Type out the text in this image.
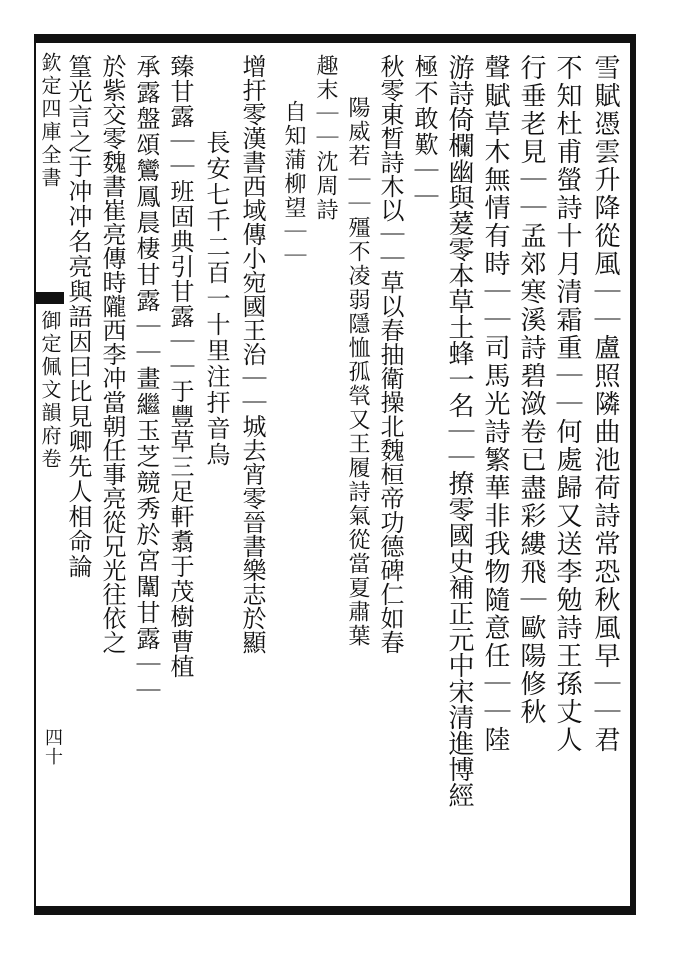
欽定四庫全書
御定佩文韻府卷
四十	雪賦憑雲升降從風｜｜盧照隣曲池荷詩常恐秋風早｜｜君
不知杜甫螢詩十月清霜重｜｜何處歸又送李勉詩王孫丈人
行垂老見｜｜孟郊寒溪詩碧潋卷已盡彩縷飛｜歐陽修秋
聲賦草木無情有時｜｜司馬光詩繁華非我物隨意任｜｜陸
游詩倚欄幽與萲零本草土蜂一名｜｜撩零國史補正元中宋清進博經
極不敢歎｜｜
秋零東晳詩木以｜｜草以春抽衛操北魏桓帝功德碑仁如春
陽威若｜｜殭不凌弱隱恤孤煢又王履詩氣從當夏肅葉
趣末｜｜沈周詩
自知蒲柳望｜｜
增扞零漢書西域傳小宛國王治｜｜城去宵零晉書樂志於顯
長安七千二百一十里注扞音烏
臻甘露｜｜班固典引甘露｜｜于豐草三足軒翥于茂樹曹植
承露盤頌鸞鳳晨棲甘露｜｜畫繼玉芝競秀於宮闈甘露｜｜
於紫交零魏書崔亮傳時隴西李冲當朝任事亮從兄光往依之
篁光言之于冲冲名亮與語因曰比見卿先人相命論
